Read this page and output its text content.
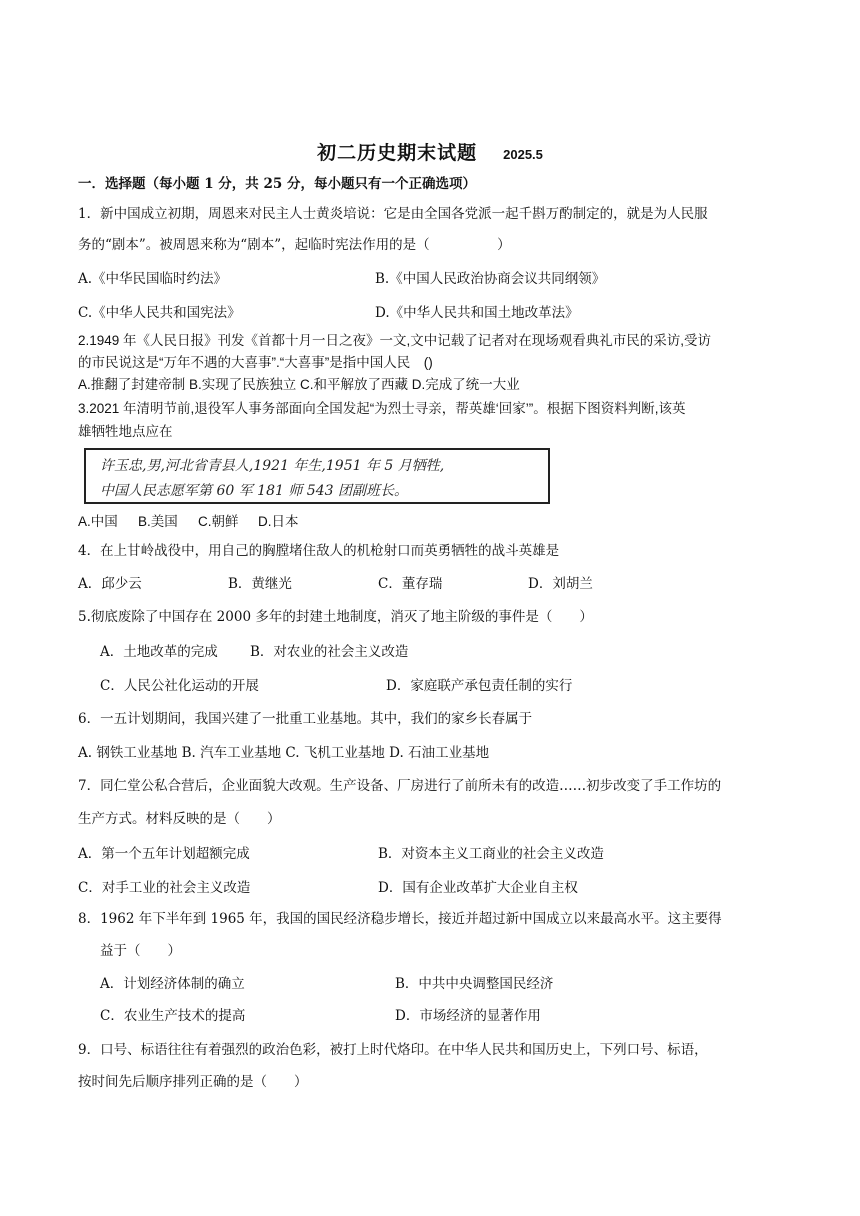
初二历史期末试题 2025.5
一．选择题（每小题 1 分，共 25 分，每小题只有一个正确选项）
1．新中国成立初期，周恩来对民主人士黄炎培说：它是由全国各党派一起千斟万酌制定的，就是为人民服
务的“剧本”。被周恩来称为“剧本”，起临时宪法作用的是（　　　　　）
A.《中华民国临时约法》	B.《中国人民政治协商会议共同纲领》
C.《中华人民共和国宪法》	D.《中华人民共和国土地改革法》
2.1949 年《人民日报》刊发《首都十月一日之夜》一文,文中记载了记者对在现场观看典礼市民的采访,受访
的市民说这是“万年不遇的大喜事”.“大喜事”是指中国人民　()
A.推翻了封建帝制 B.实现了民族独立 C.和平解放了西藏 D.完成了统一大业
3.2021 年清明节前,退役军人事务部面向全国发起“为烈士寻亲，帮英雄‘回家’”。根据下图资料判断,该英
雄牺牲地点应在
许玉忠,男,河北省青县人,1921 年生,1951 年 5 月牺牲,
中国人民志愿军第 60 军 181 师 543 团副班长。
A.中国 B.美国 C.朝鲜 D.日本
4．在上甘岭战役中，用自己的胸膛堵住敌人的机枪射口而英勇牺牲的战斗英雄是
A．邱少云	B．黄继光	C．董存瑞	D．刘胡兰
5.彻底废除了中国存在 2000 多年的封建土地制度，消灭了地主阶级的事件是（　　）
A．土地改革的完成 B．对农业的社会主义改造
C．人民公社化运动的开展	D．家庭联产承包责任制的实行
6．一五计划期间，我国兴建了一批重工业基地。其中，我们的家乡长春属于
A. 钢铁工业基地 B. 汽车工业基地 C. 飞机工业基地 D. 石油工业基地
7．同仁堂公私合营后，企业面貌大改观。生产设备、厂房进行了前所未有的改造……初步改变了手工作坊的
生产方式。材料反映的是（　　）
A．第一个五年计划超额完成	B．对资本主义工商业的社会主义改造
C．对手工业的社会主义改造	D．国有企业改革扩大企业自主权
8．1962 年下半年到 1965 年，我国的国民经济稳步增长，接近并超过新中国成立以来最高水平。这主要得
益于（　　）
A．计划经济体制的确立	B．中共中央调整国民经济
C．农业生产技术的提高	D．市场经济的显著作用
9．口号、标语往往有着强烈的政治色彩，被打上时代烙印。在中华人民共和国历史上，下列口号、标语，
按时间先后顺序排列正确的是（　　）
